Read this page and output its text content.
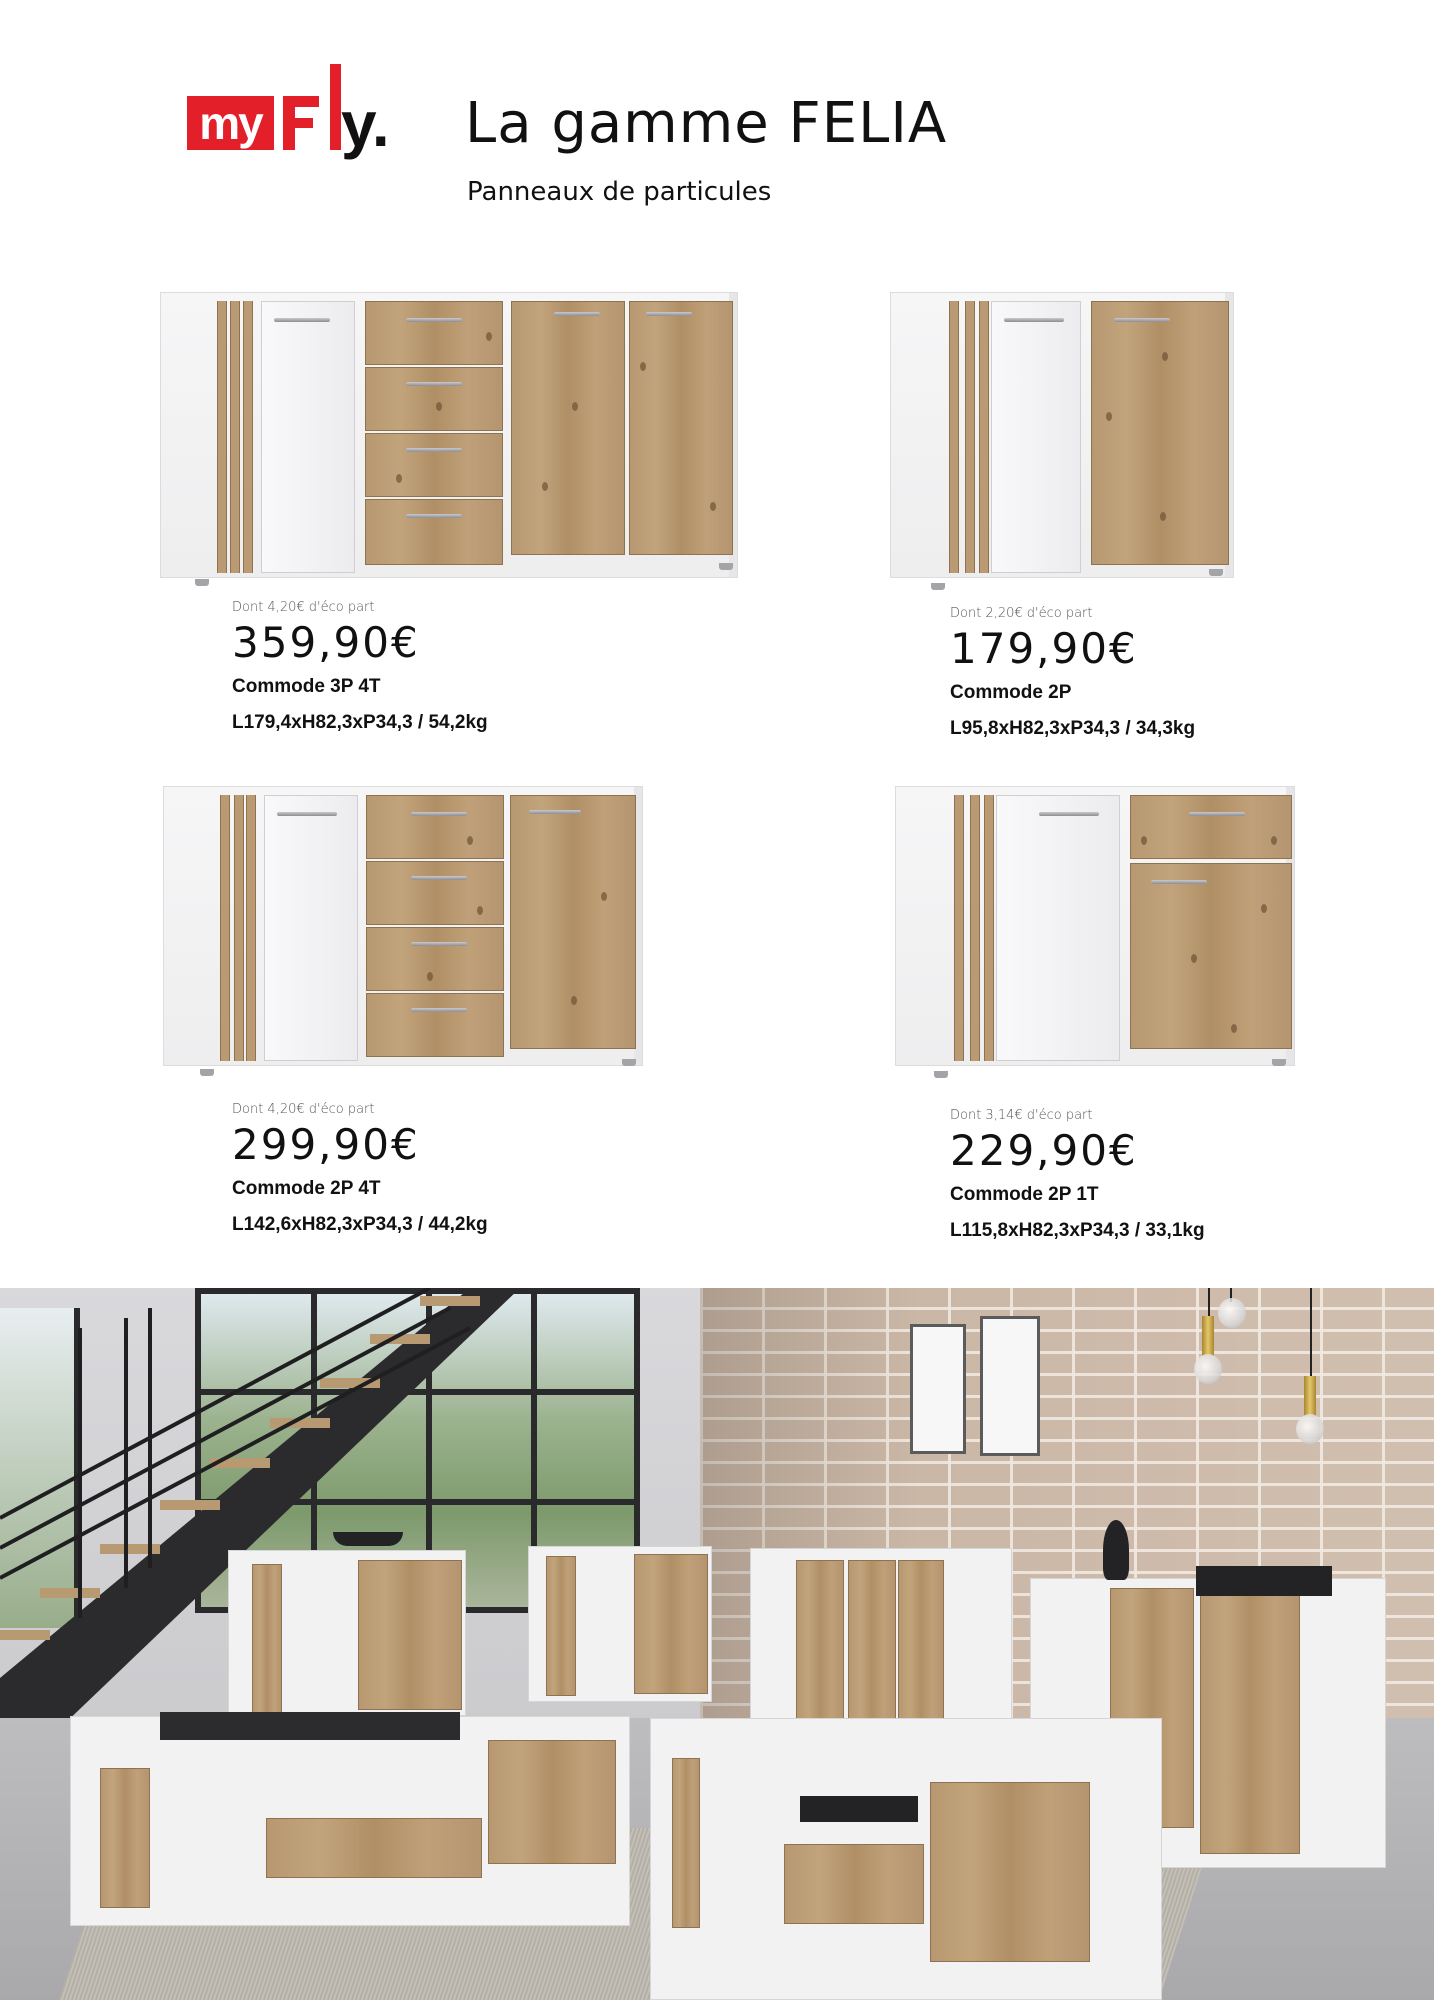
my y. La gamme FELIA
Panneaux de particules
Dont 4,20€ d'éco part
359,90€
Commode 3P 4T
L179,4xH82,3xP34,3 / 54,2kg
Dont 2,20€ d'éco part
179,90€
Commode 2P
L95,8xH82,3xP34,3 / 34,3kg
Dont 4,20€ d'éco part
299,90€
Commode 2P 4T
L142,6xH82,3xP34,3 / 44,2kg
Dont 3,14€ d'éco part
229,90€
Commode 2P 1T
L115,8xH82,3xP34,3 / 33,1kg
